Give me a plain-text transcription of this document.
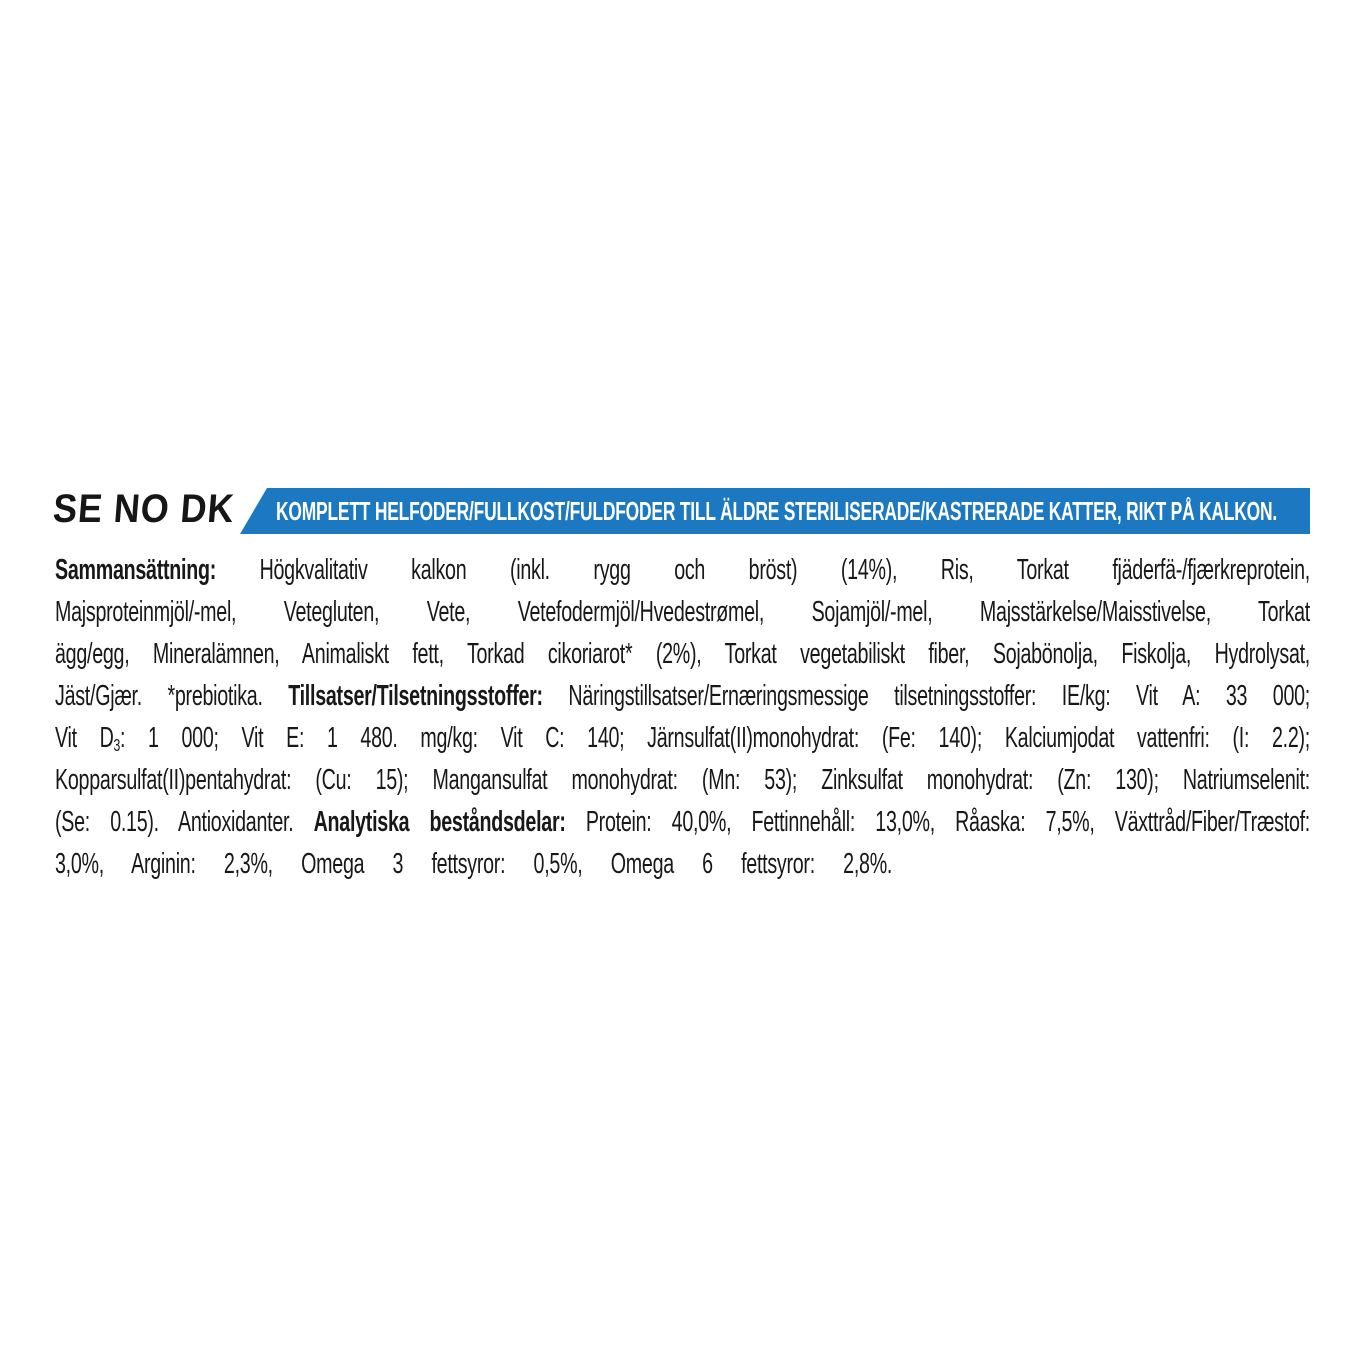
SE NO DK KOMPLETT HELFODER/FULLKOST/FULDFODER TILL ÄLDRE STERILISERADE/KASTRERADE KATTER, RIKT PÅ KALKON.
Sammansättning: Högkvalitativ kalkon (inkl. rygg och bröst) (14%), Ris, Torkat fjäderfä-/fjærkreprotein,
Majsproteinmjöl/-mel, Vetegluten, Vete, Vetefodermjöl/Hvedestrømel, Sojamjöl/-mel, Majsstärkelse/Maisstivelse, Torkat
ägg/egg, Mineralämnen, Animaliskt fett, Torkad cikoriarot* (2%), Torkat vegetabiliskt fiber, Sojabönolja, Fiskolja, Hydrolysat,
Jäst/Gjær. *prebiotika. Tillsatser/Tilsetningsstoffer: Näringstillsatser/Ernæringsmessige tilsetningsstoffer: IE/kg: Vit A: 33 000;
Vit $D_3$: 1 000; Vit E: 1 480. mg/kg: Vit C: 140; Järnsulfat(II)monohydrat: (Fe: 140); Kalciumjodat vattenfri: (I: 2.2);
Kopparsulfat(II)pentahydrat: (Cu: 15); Mangansulfat monohydrat: (Mn: 53); Zinksulfat monohydrat: (Zn: 130); Natriumselenit:
(Se: 0.15). Antioxidanter. Analytiska beståndsdelar: Protein: 40,0%, Fettinnehåll: 13,0%, Råaska: 7,5%, Växttråd/Fiber/Træstof:
3,0%, Arginin: 2,3%, Omega 3 fettsyror: 0,5%, Omega 6 fettsyror: 2,8%.
